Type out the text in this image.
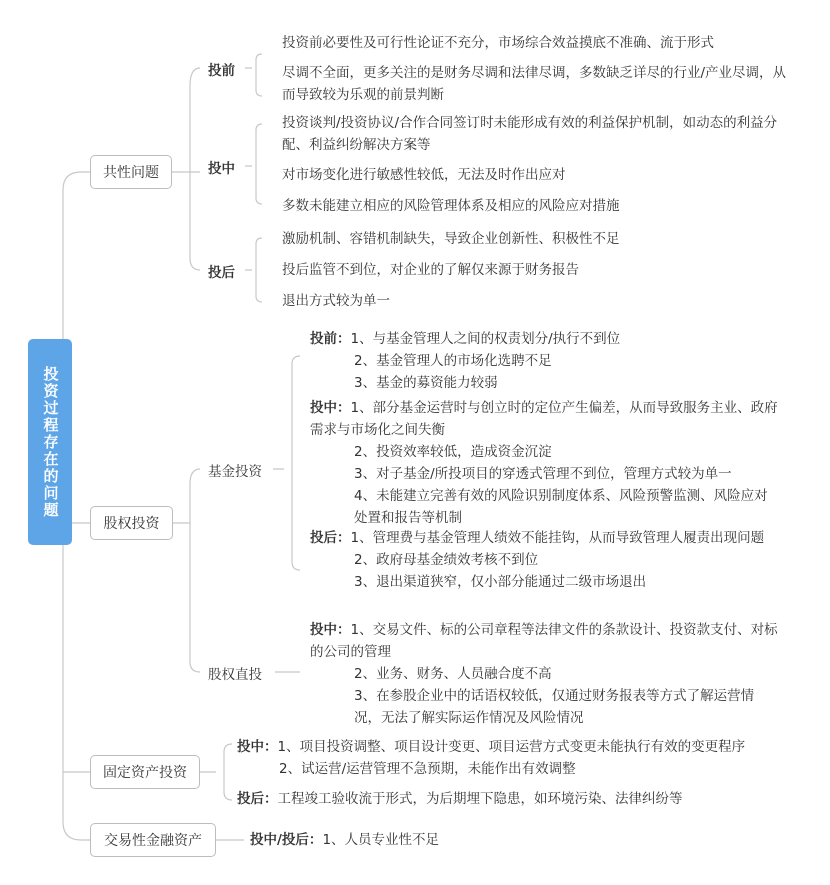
投资过程存在的问题
共性问题
股权投资
固定资产投资
交易性金融资产
投前
投中
投后
投资前必要性及可行性论证不充分，市场综合效益摸底不准确、流于形式
尽调不全面，更多关注的是财务尽调和法律尽调，多数缺乏详尽的行业/产业尽调，从而导致较为乐观的前景判断
投资谈判/投资协议/合作合同签订时未能形成有效的利益保护机制，如动态的利益分配、利益纠纷解决方案等
对市场变化进行敏感性较低，无法及时作出应对
多数未能建立相应的风险管理体系及相应的风险应对措施
激励机制、容错机制缺失，导致企业创新性、积极性不足
投后监管不到位，对企业的了解仅来源于财务报告
退出方式较为单一
基金投资
股权直投
投前：1、与基金管理人之间的权责划分/执行不到位
2、基金管理人的市场化选聘不足
3、基金的募资能力较弱
投中：1、部分基金运营时与创立时的定位产生偏差，从而导致服务主业、政府需求与市场化之间失衡
2、投资效率较低，造成资金沉淀
3、对子基金/所投项目的穿透式管理不到位，管理方式较为单一
4、未能建立完善有效的风险识别制度体系、风险预警监测、风险应对处置和报告等机制
投后：1、管理费与基金管理人绩效不能挂钩，从而导致管理人履责出现问题
2、政府母基金绩效考核不到位
3、退出渠道狭窄，仅小部分能通过二级市场退出
投中：1、交易文件、标的公司章程等法律文件的条款设计、投资款支付、对标的公司的管理
2、业务、财务、人员融合度不高
3、在参股企业中的话语权较低，仅通过财务报表等方式了解运营情况，无法了解实际运作情况及风险情况
投中：1、项目投资调整、项目设计变更、项目运营方式变更未能执行有效的变更程序
2、试运营/运营管理不急预期，未能作出有效调整
投后：工程竣工验收流于形式，为后期埋下隐患，如环境污染、法律纠纷等
投中/投后：1、人员专业性不足
